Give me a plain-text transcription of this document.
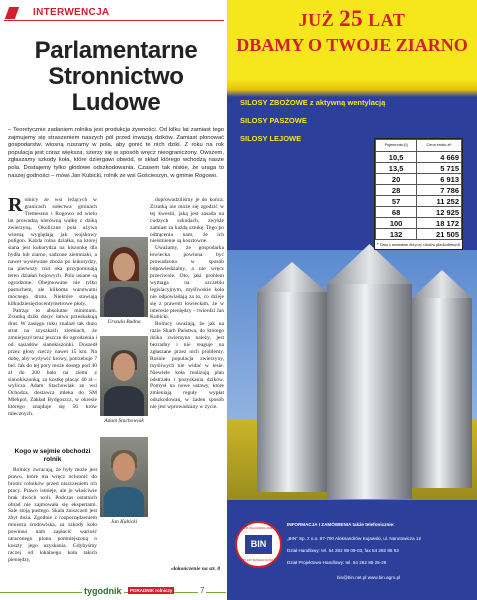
INTERWENCJA
Parlamentarne
Stronnictwo
Ludowe

– Teoretycznie zadaniem rolnika jest produkcja żywności. Od kilku lat zamiast tego zajmujemy się straszeniem naszych pól przed inwazją dzików. Zamiast plonować gospodarstw, wiosną ruszamy w pola, aby gonić te nich dziki. Z roku na rok populacja jest coraz większa, szerzy się w sposób wręcz nieograniczony. Owszem, zgłaszamy szkody koła, które dziergawi obwód, w skład którego wchodzą nasze pola. Dostajemy tylko głodowe odszkodowania. Czasem tak niskie, że uraga to naszej godności – mówi Jan Kubicki, rolnik ze wsi Gościeszyn, w gminie Rogowo.

R olnicy ze wsi leżących w granicach sołectwa gminach Tremessno i Rogowo od wielu lat prowadzą nierówną walkę z dziką zwierzyną. Okoliczne pola używa wiosną wyglądają jak wojskowy poligon. Każda rolna działka, na której siana jest kukurydza na kiszonkę dla bydła lub ziarno, sadzone ziemniaki, a nawet wysiewane zboża po kukurydzy, na pierwszy rzut oka przypominają teren działań bojowych. Pola usiane są ogrodzone. Obejmowane nie tylko pastuchem, ale kilkoma warstwami mocnego drutu. Niektóre stawiają kilkudziesięciocentymetrowe płoty.

Patrząc to absolutne minimum. Zrzutką dziki dosyć łatwo przeskakują drut. W zasięgu roku znalazł tak dużo strat na szyszkach ziemiach, że zmniejszył teraz jeszcze do ogrodzenia i od sąsiadów sianokiszonki. Doszedł przez głosy rzeczy nawet 15 km. Na dobę, aby wyżywić krowy, potrzebuje 7 bel. Jak do tej pory może dostęp pod 40 zł do 200 balo na ziemi z sianokiszonką, za kostkę płacąc 40 zł – wylicza Adam Stachowiak ze wsi Ochodza, dostawca mleka do SM Mlekpol, Zakład Bydgoszcz, w okresie którego znajduje się 56 krów mlecznych.

Urszula Budna
Adam Stachowiak
Jan Kubicki
Kogo w sejmie obchodzi rolnik

Rolnicy zwracają, że były może jest prawo, które ma wręcz ochronić do bronić rolników przed niszczeniem ich pracy. Prawo istnieje, ale je właściwie brak dwóch woli. Podczas ostatnich obrad nie zajmowała się ekspertami. Sale stoją pustego. Skala zniszczeń jest zbyt duża. Zgodnie z rozporządzeniem ministra środowiska, za szkody koło powinno nam zapłacić wartość utraconego plonu pomniejszoną o koszty jego uzyskania. Gdybyśmy raczej od lokalnego koła takich pieniędzy,

doprowadziliśmy je do końca. Zrzutką nie może się zgodzić w tej kwestii, jaką jest zasada na cudzych szkodach, zwykle zamiast za każdą sztukę. Tego po odtrąceniu nam, że ich nieistnienie są kosztowne.

Uważamy, że gospodarka łowiecka powinna być prowadzona w sposób odpowiedzialny, a nie wręcz przeciwnie. Oto, jaki problem wymaga na szczeblu legislacyjnym, myśliwskie koła nie odpowiadają za to, co dzieje się z prawem łowieckim, że w interesie pieniędzy – twierdzi Jan Kubicki.

Rolnicy uważają, że jak na razie Skarb Państwa, do którego dzika zwierzyna należy, jest bezradny i nie reaguje na zgłaszane przez nich problemy. Rośnie populacja zwierzyny, myśliwych nie widać w lesie. Niewiele koła realizują plan odstrzału i pozyskania dzików. Pomysł na nowe ustawy, które zmieniają reguły wypłat odszkodowań, w żaden sposób nie jest wprowadzany w życie.

›dokończenie na str. 8
tygodnik	PORADNIK rolniczy	7
JUŻ 25 LAT
DBAMY O TWOJE ZIARNO
SILOSY ZBOŻOWE z aktywną wentylacją
SILOSY PASZOWE
SILOSY LEJOWE
Pojemność [t]	Cena brutto zł*
10,5	4 669
13,5	5 715
20	6 913
28	7 786
57	11 252
68	12 925
100	18 172
132	21 505
* Cena z montażem dotyczy silosów płaskodennych
INFORMACJA I ZAMÓWIENIA także telefonicznie:
„BIN” Sp. z o.o. 87-700 Aleksandrów Kujawski, ul. Narutowicza 12
Dział Handlowy: tel. 54 282 88 09-03, fax 54 282 88 63
Dział Projektowo-Handlowy: tel. 54 282 88 25-26
bin@bin.net.pl www.bin.agro.pl
OD ZAŁOŻENIA 1988
BIN
25 LAT DZIAŁALNOŚCI
